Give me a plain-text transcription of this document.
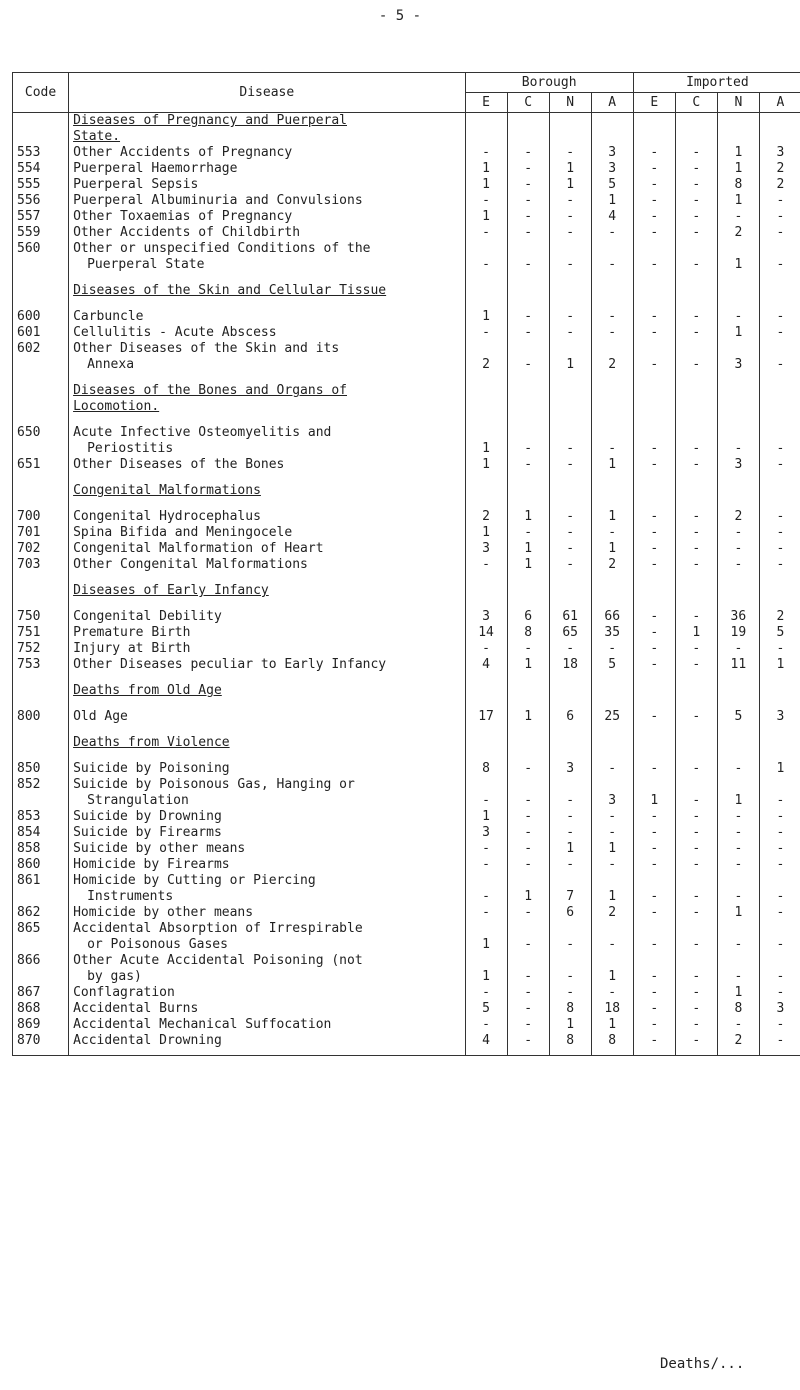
- 5 -
Code	Disease	Borough				Imported			
		E	C	N	A	E	C	N	A
	Diseases of Pregnancy and Puerperal								
	State.								
553	Other Accidents of Pregnancy	-	-	-	3	-	-	1	3
554	Puerperal Haemorrhage	1	-	1	3	-	-	1	2
555	Puerperal Sepsis	1	-	1	5	-	-	8	2
556	Puerperal Albuminuria and Convulsions	-	-	-	1	-	-	1	-
557	Other Toxaemias of Pregnancy	1	-	-	4	-	-	-	-
559	Other Accidents of Childbirth	-	-	-	-	-	-	2	-
560	Other or unspecified Conditions of the								
	Puerperal State	-	-	-	-	-	-	1	-

	Diseases of the Skin and Cellular Tissue								

600	Carbuncle	1	-	-	-	-	-	-	-
601	Cellulitis - Acute Abscess	-	-	-	-	-	-	1	-
602	Other Diseases of the Skin and its								
	Annexa	2	-	1	2	-	-	3	-

	Diseases of the Bones and Organs of								
	Locomotion.								

650	Acute Infective Osteomyelitis and								
	Periostitis	1	-	-	-	-	-	-	-
651	Other Diseases of the Bones	1	-	-	1	-	-	3	-

	Congenital Malformations								

700	Congenital Hydrocephalus	2	1	-	1	-	-	2	-
701	Spina Bifida and Meningocele	1	-	-	-	-	-	-	-
702	Congenital Malformation of Heart	3	1	-	1	-	-	-	-
703	Other Congenital Malformations	-	1	-	2	-	-	-	-

	Diseases of Early Infancy								

750	Congenital Debility	3	6	61	66	-	-	36	2
751	Premature Birth	14	8	65	35	-	1	19	5
752	Injury at Birth	-	-	-	-	-	-	-	-
753	Other Diseases peculiar to Early Infancy	4	1	18	5	-	-	11	1

	Deaths from Old Age								

800	Old Age	17	1	6	25	-	-	5	3

	Deaths from Violence								

850	Suicide by Poisoning	8	-	3	-	-	-	-	1
852	Suicide by Poisonous Gas, Hanging or								
	Strangulation	-	-	-	3	1	-	1	-
853	Suicide by Drowning	1	-	-	-	-	-	-	-
854	Suicide by Firearms	3	-	-	-	-	-	-	-
858	Suicide by other means	-	-	1	1	-	-	-	-
860	Homicide by Firearms	-	-	-	-	-	-	-	-
861	Homicide by Cutting or Piercing								
	Instruments	-	1	7	1	-	-	-	-
862	Homicide by other means	-	-	6	2	-	-	1	-
865	Accidental Absorption of Irrespirable								
	or Poisonous Gases	1	-	-	-	-	-	-	-
866	Other Acute Accidental Poisoning (not								
	by gas)	1	-	-	1	-	-	-	-
867	Conflagration	-	-	-	-	-	-	1	-
868	Accidental Burns	5	-	8	18	-	-	8	3
869	Accidental Mechanical Suffocation	-	-	1	1	-	-	-	-
870	Accidental Drowning	4	-	8	8	-	-	2	-

Deaths/...
